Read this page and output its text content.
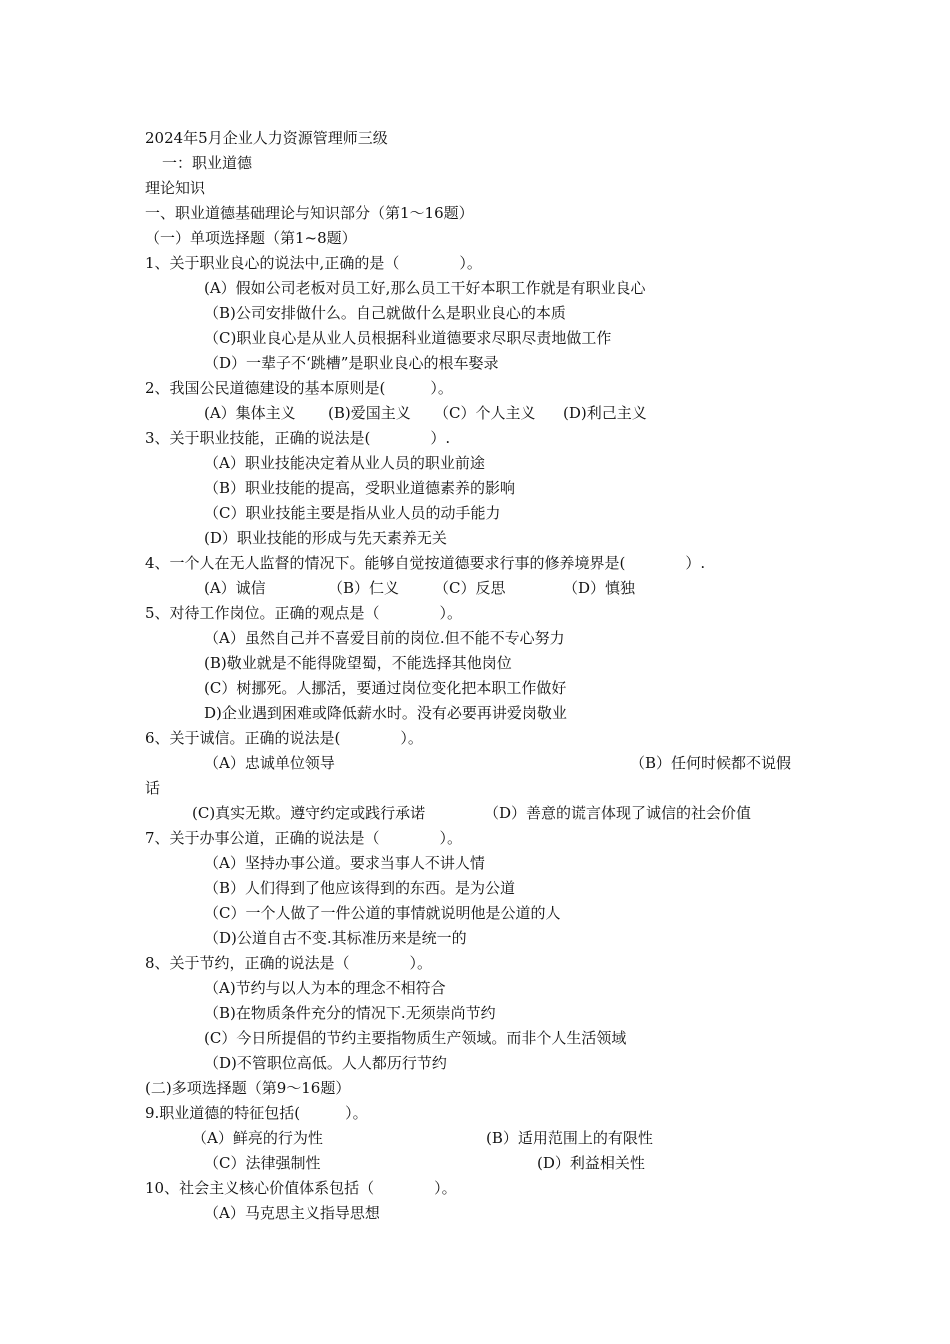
2024年5月企业人力资源管理师三级
一：职业道德
理论知识
一、职业道德基础理论与知识部分（第1～16题）
（一）单项选择题（第1~8题）
1、关于职业良心的说法中,正确的是（　　　　）。
(A）假如公司老板对员工好,那么员工干好本职工作就是有职业良心
（B)公司安排做什么。自己就做什么是职业良心的本质
（C)职业良心是从业人员根据科业道德要求尽职尽责地做工作
（D）一辈子不‘跳槽”是职业良心的根车娶录
2、我国公民道德建设的基本原则是(　　　）。
(A）集体主义 (B)爱国主义 （C）个人主义 (D)利己主义
3、关于职业技能，正确的说法是(　　　　）.
（A）职业技能决定着从业人员的职业前途
（B）职业技能的提高，受职业道德素养的影响
（C）职业技能主要是指从业人员的动手能力
(D）职业技能的形成与先天素养无关
4、一个人在无人监督的情况下。能够自觉按道德要求行事的修养境界是(　　　　）.
(A）诚信	（B）仁义 （C）反思	（D）慎独
5、对待工作岗位。正确的观点是（　　　　）。
（A）虽然自己并不喜爱目前的岗位.但不能不专心努力
(B)敬业就是不能得陇望蜀，不能选择其他岗位
(C）树挪死。人挪活，要通过岗位变化把本职工作做好
D)企业遇到困难或降低薪水时。没有必要再讲爱岗敬业
6、关于诚信。正确的说法是(　　　　）。
（A）忠诚单位领导	（B）任何时候都不说假
话
(C)真实无欺。遵守约定或践行承诺	（D）善意的谎言体现了诚信的社会价值
7、关于办事公道，正确的说法是（　　　　）。
（A）坚持办事公道。要求当事人不讲人情
（B）人们得到了他应该得到的东西。是为公道
（C）一个人做了一件公道的事情就说明他是公道的人
（D)公道自古不变.其标准历来是统一的
8、关于节约，正确的说法是（　　　　）。
（A)节约与以人为本的理念不相符合
（B)在物质条件充分的情况下.无须崇尚节约
(C）今日所提倡的节约主要指物质生产领域。而非个人生活领域
（D)不管职位高低。人人都历行节约
(二)多项选择题（第9～16题）
9.职业道德的特征包括(　　　）。
（A）鲜亮的行为性	(B）适用范围上的有限性
（C）法律强制性	(D）利益相关性
10、社会主义核心价值体系包括（　　　　）。
（A）马克思主义指导思想
